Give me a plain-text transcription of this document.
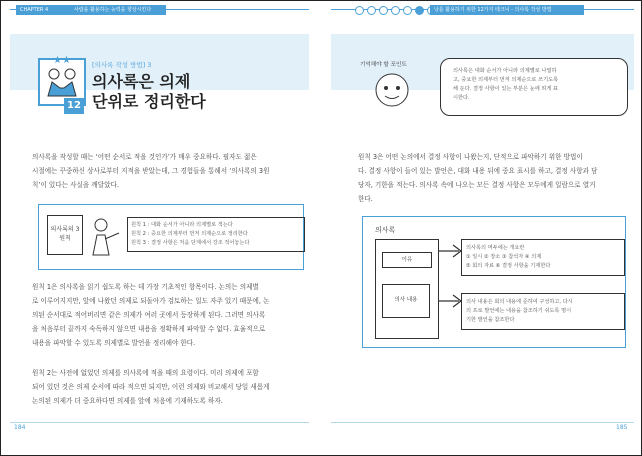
CHAPTER 4	사람을 활용하는 능력을 향상시킨다
★★
12
[의사록 작성 방법] 3
의사록은 의제
단위로 정리한다
의사록을 작성할 때는 ‘어떤 순서로 적을 것인가’가 매우 중요하다. 필자도 젊은
시절에는 꾸중하신 상사로부터 지적을 받았는데, 그 경험들을 통해서 ‘의사록의 3원
칙’이 있다는 사실을 깨달았다.
의사록의 3원칙
원칙 1 : 대화 순서가 아니라 의제별로 적는다
원칙 2 : 중요한 의제부터 먼저 의제순으로 정리한다
원칙 3 : 결정 사항은 처음 단계에서 강조 적어놓는다
원칙 1은 의사록을 읽기 쉽도록 하는 데 가장 기초적인 항목이다. 논의는 의제별
로 이루어지지만, 앞에 나왔던 의제로 되돌아가 검토하는 일도 자주 있기 때문에, 논
의된 순서대로 적어버리면 같은 의제가 여러 곳에서 등장하게 된다. 그러면 의사록
을 처음부터 끝까지 숙독하지 않으면 내용을 정확하게 파악할 수 없다. 효율적으로
내용을 파악할 수 있도록 의제별로 발언을 정리해야 한다.
원칙 2는 사전에 없었던 의제를 의사록에 적을 때의 요령이다. 미리 의제에 포함
되어 있던 것은 의제 순서에 따라 적으면 되지만, 이런 의제와 비교해서 당일 새롭게
논의된 의제가 더 중요하다면 의제를 앞에 처음에 기재하도록 하자.
184
낭를 활용하기 위한 12가지 테크닉 - 의사록 작성 방법
기억해야 할 포인트
의사록은 대화 순서가 아니라 의제별로 나열하
고, 중요한 의제부터 먼저 의제순으로 쓰기도록
해 둔다. 결정 사항이 있는 부분은 눈에 띄게 표
시한다.
원칙 3은 어떤 논의에서 결정 사항이 나왔는지, 단적으로 파악하기 위한 방법이
다. 결정 사항이 들어 있는 발언은, 대화 내용 뒤에 중요 표시를 하고, 결정 사항과 담
당자, 기한을 적는다. 의사록 속에 나오는 모든 결정 사항은 모두에게 일람으로 열거
한다.
의사록
이유
의사 내용
의사록의 머두에는 개요란
① 일시 ② 장소 ③ 참석자 ④ 의제
⑤ 회의 자료 ⑥ 결정 사항을 기재한다
의사 내용은 회의 내용에 준하여 구성하고, 다시
의 프로 발언에는 내용을 참조하기 쉬도록 명시
기한 발언을 참조한다
185
